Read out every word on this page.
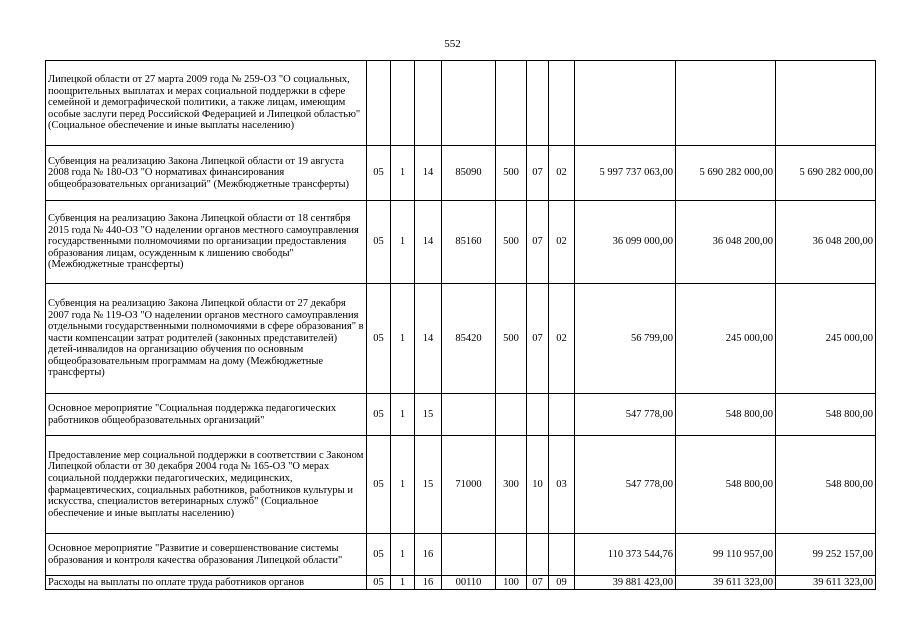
552
Липецкой области от 27 марта 2009 года № 259-ОЗ "О социальных, поощрительных выплатах и мерах социальной поддержки в сфере семейной и демографической политики, а также лицам, имеющим особые заслуги перед Российской Федерацией и Липецкой областью" (Социальное обеспечение и иные выплаты населению)										
Субвенция на реализацию Закона Липецкой области от 19 августа 2008 года № 180-ОЗ "О нормативах финансирования общеобразовательных организаций" (Межбюджетные трансферты)	05	1	14	85090	500	07	02	5 997 737 063,00	5 690 282 000,00	5 690 282 000,00
Субвенция на реализацию Закона Липецкой области от 18 сентября 2015 года № 440-ОЗ "О наделении органов местного самоуправления государственными полномочиями по организации предоставления образования лицам, осужденным к лишению свободы" (Межбюджетные трансферты)	05	1	14	85160	500	07	02	36 099 000,00	36 048 200,00	36 048 200,00
Субвенция на реализацию Закона Липецкой области от 27 декабря 2007 года № 119-ОЗ "О наделении органов местного самоуправления отдельными государственными полномочиями в сфере образования" в части компенсации затрат родителей (законных представителей) детей-инвалидов на организацию обучения по основным общеобразовательным программам на дому (Межбюджетные трансферты)	05	1	14	85420	500	07	02	56 799,00	245 000,00	245 000,00
Основное мероприятие "Социальная поддержка педагогических работников общеобразовательных организаций"	05	1	15					547 778,00	548 800,00	548 800,00
Предоставление мер социальной поддержки в соответствии с Законом Липецкой области от 30 декабря 2004 года № 165-ОЗ "О мерах социальной поддержки педагогических, медицинских, фармацевтических, социальных работников, работников культуры и искусства, специалистов ветеринарных служб" (Социальное обеспечение и иные выплаты населению)	05	1	15	71000	300	10	03	547 778,00	548 800,00	548 800,00
Основное мероприятие "Развитие и совершенствование системы образования и контроля качества образования Липецкой области"	05	1	16					110 373 544,76	99 110 957,00	99 252 157,00
Расходы на выплаты по оплате труда работников органов	05	1	16	00110	100	07	09	39 881 423,00	39 611 323,00	39 611 323,00
